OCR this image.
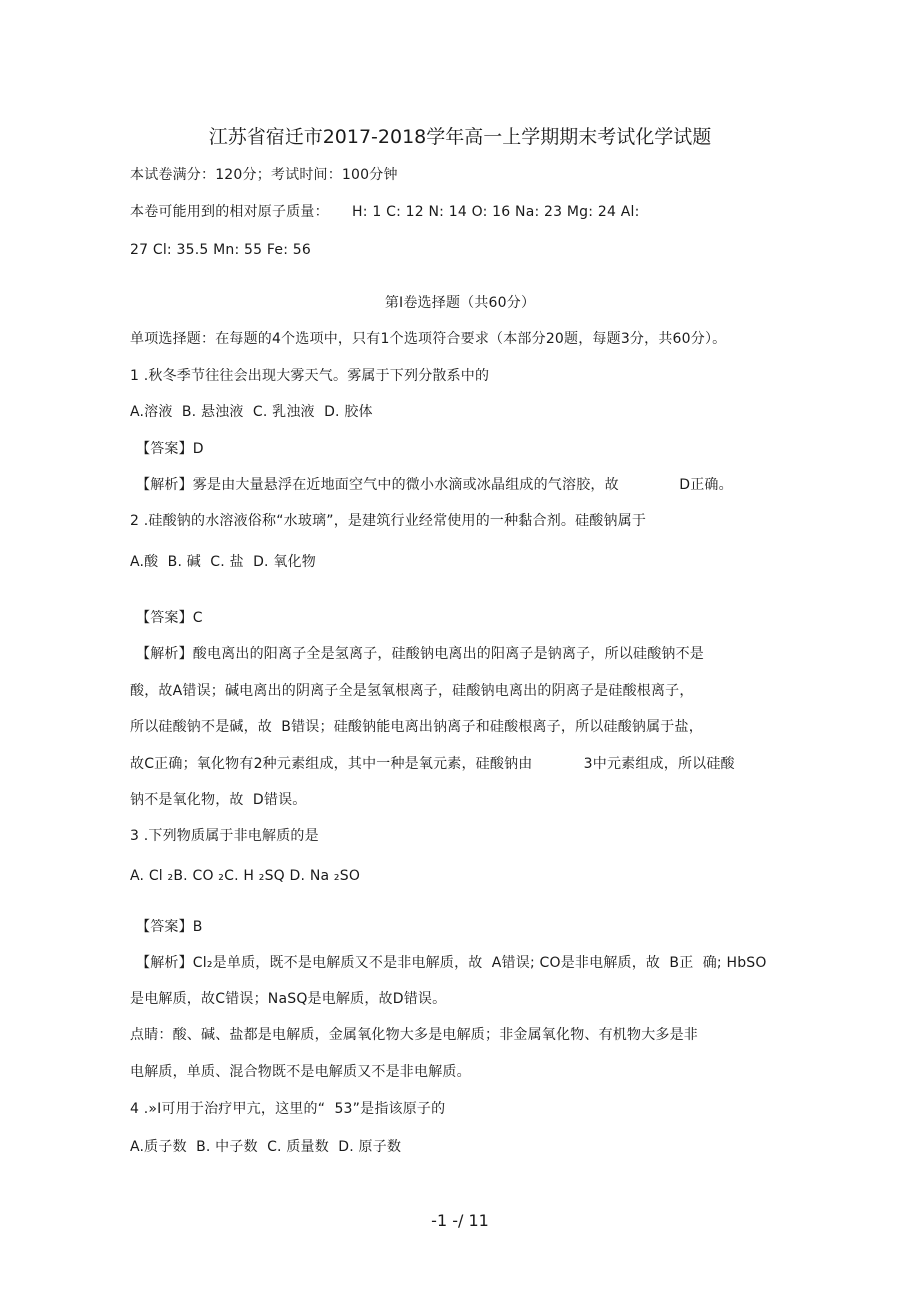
江苏省宿迁市2017-2018学年高一上学期期末考试化学试题
本试卷满分：120分；考试时间：100分钟
本卷可能用到的相对原子质量：     H: 1 C: 12 N: 14 O: 16 Na: 23 Mg: 24 Al:
27 Cl: 35.5 Mn: 55 Fe: 56
第I卷选择题（共60分）
单项选择题：在每题的4个选项中，只有1个选项符合要求（本部分20题，每题3分，共60分）。
1 .秋冬季节往往会出现大雾天气。雾属于下列分散系中的
A.溶液  B. 悬浊液  C. 乳浊液  D. 胶体
【答案】D
【解析】雾是由大量悬浮在近地面空气中的微小水滴或冰晶组成的气溶胶，故             D正确。
2 .硅酸钠的水溶液俗称“水玻璃”，是建筑行业经常使用的一种黏合剂。硅酸钠属于
A.酸  B. 碱  C. 盐  D. 氧化物
【答案】C
【解析】酸电离出的阳离子全是氢离子，硅酸钠电离出的阳离子是钠离子，所以硅酸钠不是
酸，故A错误；碱电离出的阴离子全是氢氧根离子，硅酸钠电离出的阴离子是硅酸根离子，
所以硅酸钠不是碱，故  B错误；硅酸钠能电离出钠离子和硅酸根离子，所以硅酸钠属于盐，
故C正确；氧化物有2种元素组成，其中一种是氧元素，硅酸钠由           3中元素组成，所以硅酸
钠不是氧化物，故  D错误。
3 .下列物质属于非电解质的是
A. Cl ₂B. CO ₂C. H ₂SQ D. Na ₂SO
【答案】B
【解析】Cl₂是单质，既不是电解质又不是非电解质，故  A错误; CO是非电解质，故  B正  确; HbSO
是电解质，故C错误；NaSQ是电解质，故D错误。
点睛：酸、碱、盐都是电解质，金属氧化物大多是电解质；非金属氧化物、有机物大多是非
电解质，单质、混合物既不是电解质又不是非电解质。
4 .»I可用于治疗甲亢，这里的“  53”是指该原子的
A.质子数  B. 中子数  C. 质量数  D. 原子数
-1 -/ 11
